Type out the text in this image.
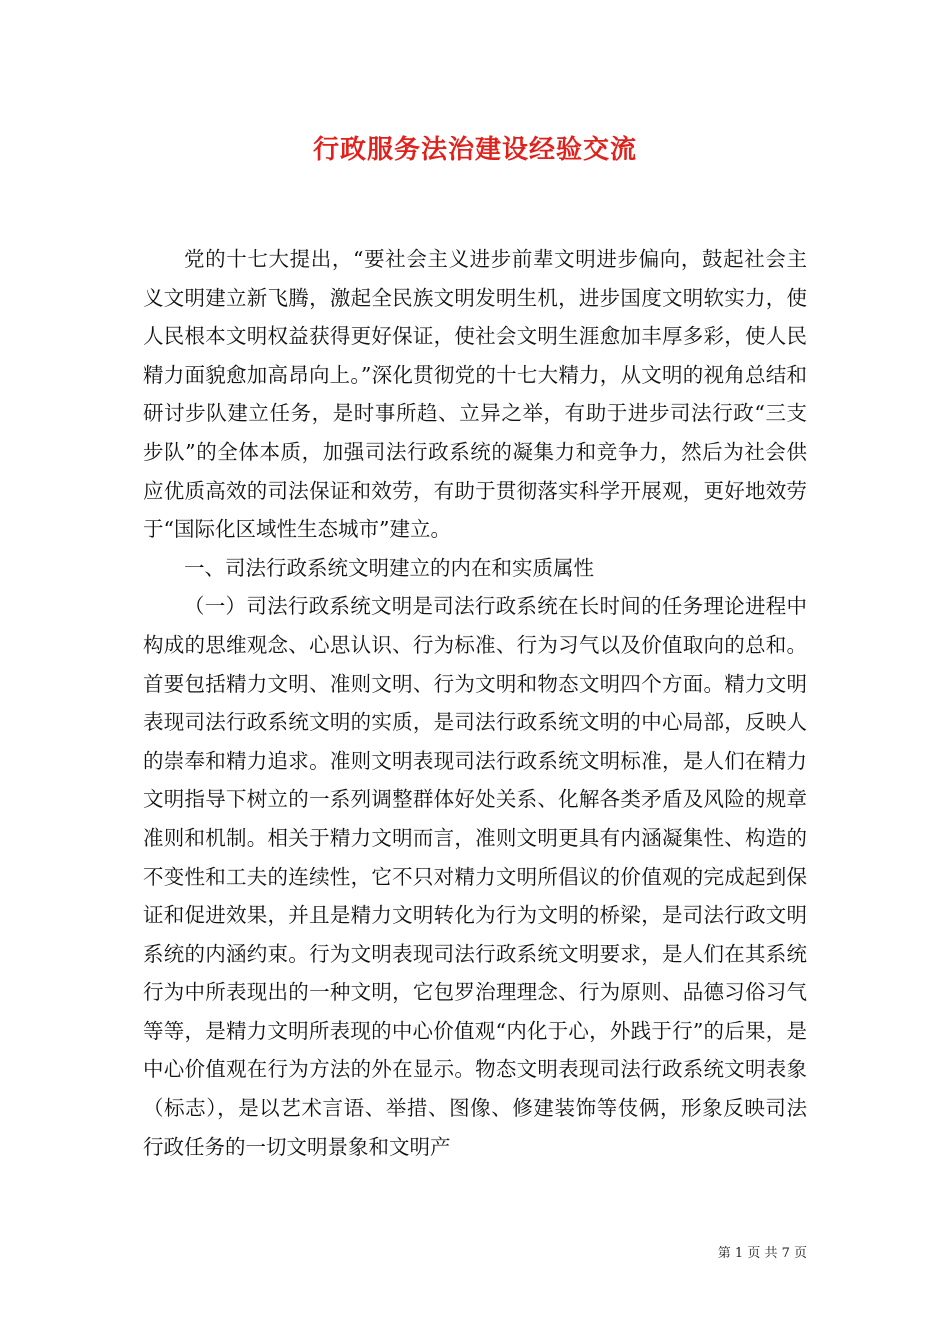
行政服务法治建设经验交流

党的十七大提出，“要社会主义进步前辈文明进步偏向，鼓起社会主义文明建立新飞腾，激起全民族文明发明生机，进步国度文明软实力，使人民根本文明权益获得更好保证，使社会文明生涯愈加丰厚多彩，使人民精力面貌愈加高昂向上。”深化贯彻党的十七大精力，从文明的视角总结和研讨步队建立任务，是时事所趋、立异之举，有助于进步司法行政“三支步队”的全体本质，加强司法行政系统的凝集力和竞争力，然后为社会供应优质高效的司法保证和效劳，有助于贯彻落实科学开展观，更好地效劳于“国际化区域性生态城市”建立。

一、司法行政系统文明建立的内在和实质属性

（一）司法行政系统文明是司法行政系统在长时间的任务理论进程中构成的思维观念、心思认识、行为标准、行为习气以及价值取向的总和。首要包括精力文明、准则文明、行为文明和物态文明四个方面。精力文明表现司法行政系统文明的实质，是司法行政系统文明的中心局部，反映人的崇奉和精力追求。准则文明表现司法行政系统文明标准，是人们在精力文明指导下树立的一系列调整群体好处关系、化解各类矛盾及风险的规章准则和机制。相关于精力文明而言，准则文明更具有内涵凝集性、构造的不变性和工夫的连续性，它不只对精力文明所倡议的价值观的完成起到保证和促进效果，并且是精力文明转化为行为文明的桥梁，是司法行政文明系统的内涵约束。行为文明表现司法行政系统文明要求，是人们在其系统行为中所表现出的一种文明，它包罗治理理念、行为原则、品德习俗习气等等，是精力文明所表现的中心价值观“内化于心，外践于行”的后果，是中心价值观在行为方法的外在显示。物态文明表现司法行政系统文明表象（标志），是以艺术言语、举措、图像、修建装饰等伎俩，形象反映司法行政任务的一切文明景象和文明产

第 1 页 共 7 页
